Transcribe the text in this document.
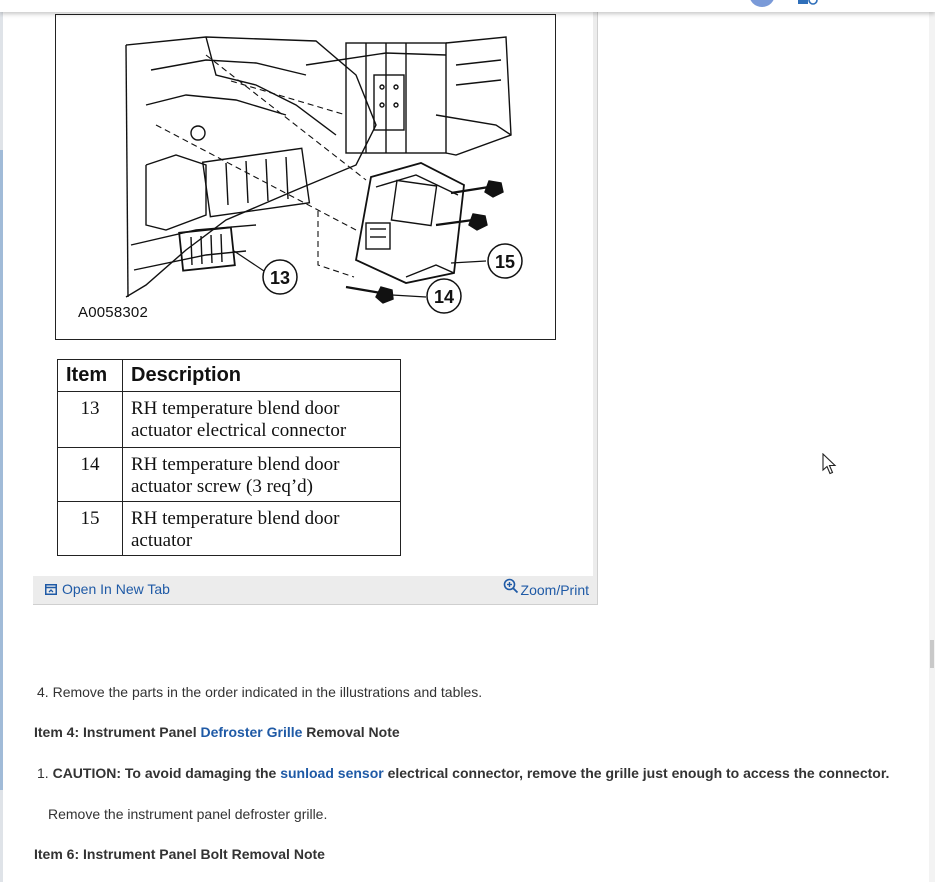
13
14
15
A0058302
Item	Description
13	RH temperature blend door
actuator electrical connector

14	RH temperature blend door
actuator screw (3 req’d)

15	RH temperature blend door
actuator
Open In New Tab	Zoom/Print
4. Remove the parts in the order indicated in the illustrations and tables.
Item 4: Instrument Panel Defroster Grille Removal Note
1. CAUTION: To avoid damaging the sunload sensor electrical connector, remove the grille just enough to access the connector.
Remove the instrument panel defroster grille.
Item 6: Instrument Panel Bolt Removal Note
